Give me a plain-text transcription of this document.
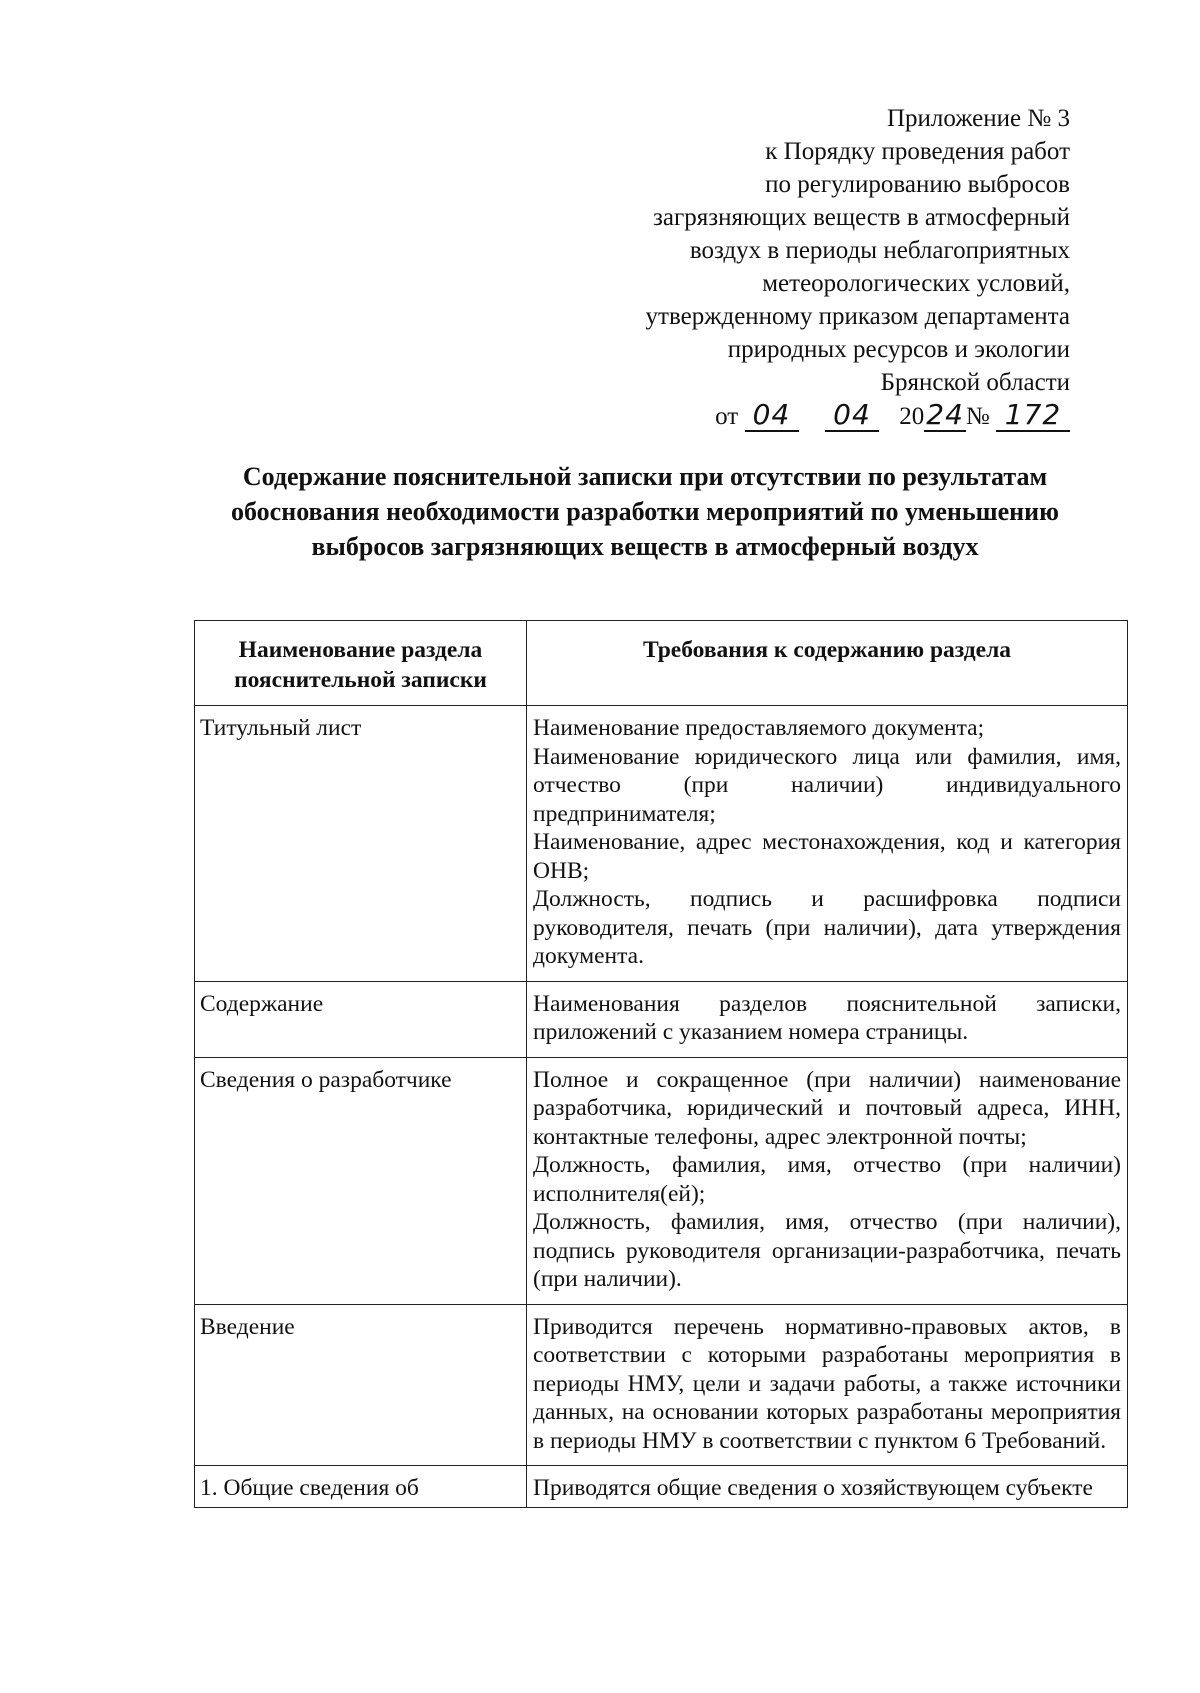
Приложение № 3
к Порядку проведения работ
по регулированию выбросов
загрязняющих веществ в атмосферный
воздух в периоды неблагоприятных
метеорологических условий,
утвержденному приказом департамента
природных ресурсов и экологии
Брянской области
от 04 04 2024№ 172
Содержание пояснительной записки при отсутствии по результатам
обоснования необходимости разработки мероприятий по уменьшению
выбросов загрязняющих веществ в атмосферный воздух
Наименование раздела пояснительной записки	Требования к содержанию раздела
Титульный лист	Наименование предоставляемого документа;
Наименование юридического лица или фамилия, имя, отчество (при наличии) индивидуального предпринимателя;
Наименование, адрес местонахождения, код и категория ОНВ;
Должность, подпись и расшифровка подписи руководителя, печать (при наличии), дата утверждения документа.

Содержание	Наименования разделов пояснительной записки, приложений с указанием номера страницы.

Сведения о разработчике	Полное и сокращенное (при наличии) наименование разработчика, юридический и почтовый адреса, ИНН, контактные телефоны, адрес электронной почты;
Должность, фамилия, имя, отчество (при наличии) исполнителя(ей);
Должность, фамилия, имя, отчество (при наличии), подпись руководителя организации-разработчика, печать (при наличии).

Введение	Приводится перечень нормативно-правовых актов, в соответствии с которыми разработаны мероприятия в периоды НМУ, цели и задачи работы, а также источники данных, на основании которых разработаны мероприятия в периоды НМУ в соответствии с пунктом 6 Требований.

1. Общие сведения об	Приводятся общие сведения о хозяйствующем субъекте
